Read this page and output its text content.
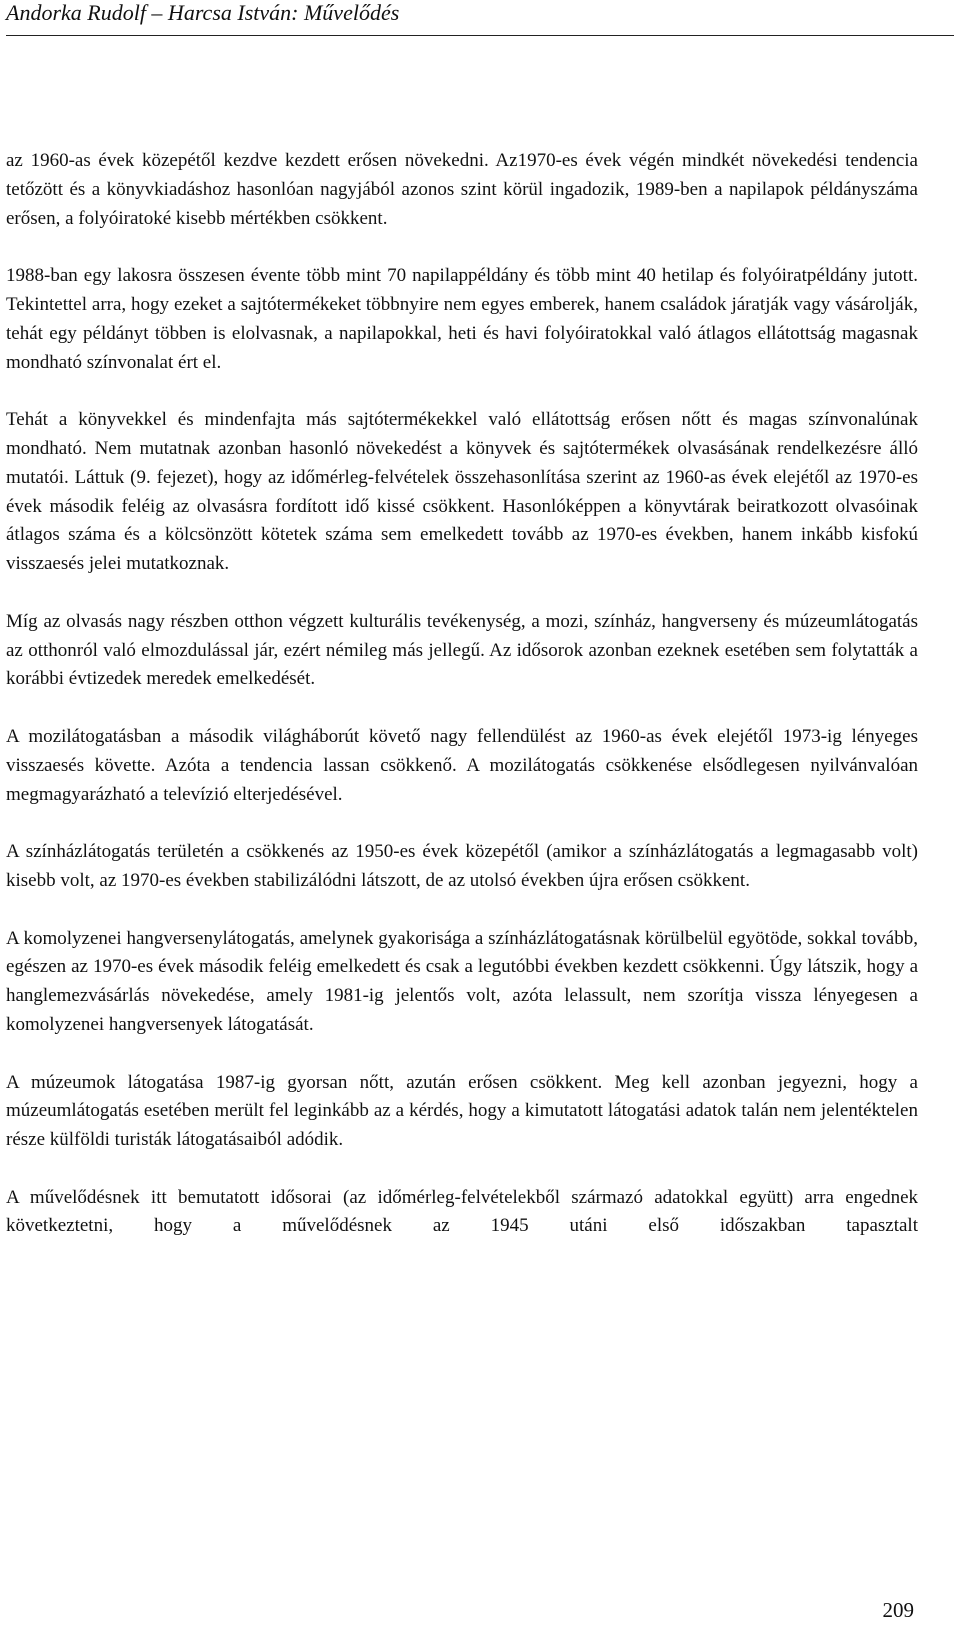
Andorka Rudolf – Harcsa István: Művelődés

az 1960-as évek közepétől kezdve kezdett erősen növekedni. Az1970-es évek végén mindkét növekedési tendencia tetőzött és a könyvkiadáshoz hasonlóan nagyjából azonos szint körül ingadozik, 1989-ben a napilapok példányszáma erősen, a folyóiratoké kisebb mértékben csökkent.

1988-ban egy lakosra összesen évente több mint 70 napilappéldány és több mint 40 hetilap és folyóiratpéldány jutott. Tekintettel arra, hogy ezeket a sajtótermékeket többnyire nem egyes emberek, hanem családok járatják vagy vásárolják, tehát egy példányt többen is elolvasnak, a napilapokkal, heti és havi folyóiratokkal való átlagos ellátottság magasnak mondható színvonalat ért el.

Tehát a könyvekkel és mindenfajta más sajtótermékekkel való ellátottság erősen nőtt és magas színvonalúnak mondható. Nem mutatnak azonban hasonló növekedést a könyvek és sajtótermékek olvasásának rendelkezésre álló mutatói. Láttuk (9. fejezet), hogy az időmérleg-felvételek összehasonlítása szerint az 1960-as évek elejétől az 1970-es évek második feléig az olvasásra fordított idő kissé csökkent. Hasonlóképpen a könyvtárak beiratkozott olvasóinak átlagos száma és a kölcsönzött kötetek száma sem emelkedett tovább az 1970-es években, hanem inkább kisfokú visszaesés jelei mutatkoznak.

Míg az olvasás nagy részben otthon végzett kulturális tevékenység, a mozi, színház, hangverseny és múzeumlátogatás az otthonról való elmozdulással jár, ezért némileg más jellegű. Az idősorok azonban ezeknek esetében sem folytatták a korábbi évtizedek meredek emelkedését.

A mozilátogatásban a második világháborút követő nagy fellendülést az 1960-as évek elejétől 1973-ig lényeges visszaesés követte. Azóta a tendencia lassan csökkenő. A mozilátogatás csökkenése elsődlegesen nyilvánvalóan megmagyarázható a televízió elterjedésével.

A színházlátogatás területén a csökkenés az 1950-es évek közepétől (amikor a színházlátogatás a legmagasabb volt) kisebb volt, az 1970-es években stabilizálódni látszott, de az utolsó években újra erősen csökkent.

A komolyzenei hangversenylátogatás, amelynek gyakorisága a színházlátogatásnak körülbelül egyötöde, sokkal tovább, egészen az 1970-es évek második feléig emelkedett és csak a legutóbbi években kezdett csökkenni. Úgy látszik, hogy a hanglemezvásárlás növekedése, amely 1981-ig jelentős volt, azóta lelassult, nem szorítja vissza lényegesen a komolyzenei hangversenyek látogatását.

A múzeumok látogatása 1987-ig gyorsan nőtt, azután erősen csökkent. Meg kell azonban jegyezni, hogy a múzeumlátogatás esetében merült fel leginkább az a kérdés, hogy a kimutatott látogatási adatok talán nem jelentéktelen része külföldi turisták látogatásaiból adódik.

A művelődésnek itt bemutatott idősorai (az időmérleg-felvételekből származó adatokkal együtt) arra engednek következtetni, hogy a művelődésnek az 1945 utáni első időszakban tapasztalt

209
